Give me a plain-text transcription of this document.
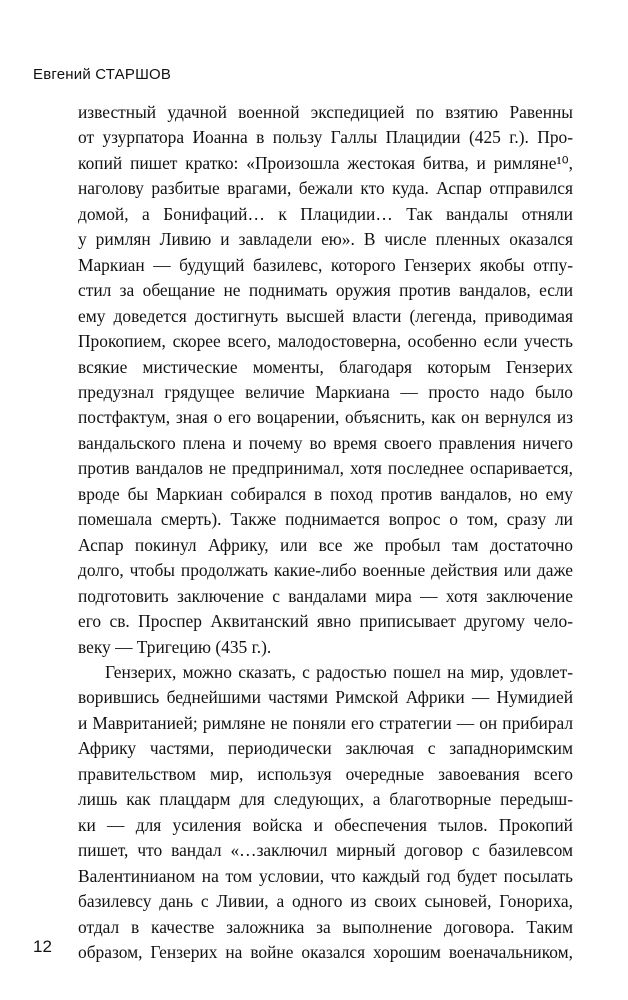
Евгений СТАРШОВ

известный удачной военной экспедицией по взятию Равенны
от узурпатора Иоанна в пользу Галлы Плацидии (425 г.). Про-
копий пишет кратко: «Произошла жестокая битва, и римляне¹⁰,
наголову разбитые врагами, бежали кто куда. Аспар отправился
домой, а Бонифаций… к Плацидии… Так вандалы отняли
у римлян Ливию и завладели ею». В числе пленных оказался
Маркиан — будущий базилевс, которого Гензерих якобы отпу-
стил за обещание не поднимать оружия против вандалов, если
ему доведется достигнуть высшей власти (легенда, приводимая
Прокопием, скорее всего, малодостоверна, особенно если учесть
всякие мистические моменты, благодаря которым Гензерих
предузнал грядущее величие Маркиана — просто надо было
постфактум, зная о его воцарении, объяснить, как он вернулся из
вандальского плена и почему во время своего правления ничего
против вандалов не предпринимал, хотя последнее оспаривается,
вроде бы Маркиан собирался в поход против вандалов, но ему
помешала смерть). Также поднимается вопрос о том, сразу ли
Аспар покинул Африку, или все же пробыл там достаточно
долго, чтобы продолжать какие-либо военные действия или даже
подготовить заключение с вандалами мира — хотя заключение
его св. Проспер Аквитанский явно приписывает другому чело-
веку — Тригецию (435 г.).

Гензерих, можно сказать, с радостью пошел на мир, удовлет-
ворившись беднейшими частями Римской Африки — Нумидией
и Мавританией; римляне не поняли его стратегии — он прибирал
Африку частями, периодически заключая с западноримским
правительством мир, используя очередные завоевания всего
лишь как плацдарм для следующих, а благотворные передыш-
ки — для усиления войска и обеспечения тылов. Прокопий
пишет, что вандал «…заключил мирный договор с базилевсом
Валентинианом на том условии, что каждый год будет посылать
базилевсу дань с Ливии, а одного из своих сыновей, Гонориха,
отдал в качестве заложника за выполнение договора. Таким
образом, Гензерих на войне оказался хорошим военачальником,

12
